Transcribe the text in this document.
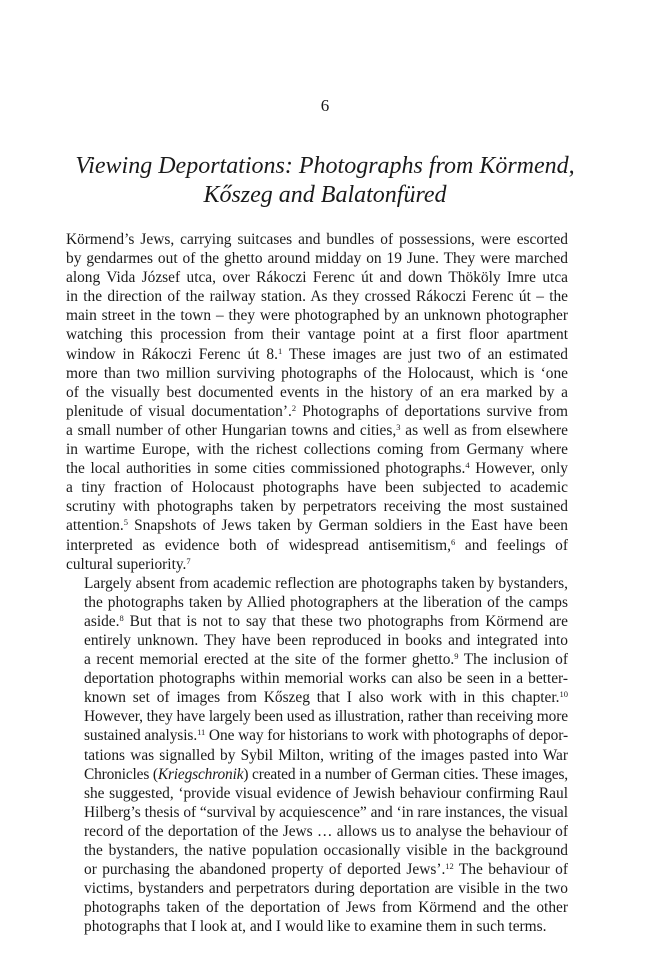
6
Viewing Deportations: Photographs from Körmend,
Kőszeg and Balatonfüred
Körmend’s Jews, carrying suitcases and bundles of possessions, were escorted
by gendarmes out of the ghetto around midday on 19 June. They were marched
along Vida József utca, over Rákoczi Ferenc út and down Thököly Imre utca
in the direction of the railway station. As they crossed Rákoczi Ferenc út – the
main street in the town – they were photographed by an unknown photographer
watching this procession from their vantage point at a first floor apartment
window in Rákoczi Ferenc út 8.$^1$ These images are just two of an estimated
more than two million surviving photographs of the Holocaust, which is ‘one
of the visually best documented events in the history of an era marked by a
plenitude of visual documentation’.$^2$ Photographs of deportations survive from
a small number of other Hungarian towns and cities,$^3$ as well as from elsewhere
in wartime Europe, with the richest collections coming from Germany where
the local authorities in some cities commissioned photographs.$^4$ However, only
a tiny fraction of Holocaust photographs have been subjected to academic
scrutiny with photographs taken by perpetrators receiving the most sustained
attention.$^5$ Snapshots of Jews taken by German soldiers in the East have been
interpreted as evidence both of widespread antisemitism,$^6$ and feelings of
cultural superiority.$^7$
Largely absent from academic reflection are photographs taken by bystanders,
the photographs taken by Allied photographers at the liberation of the camps
aside.$^8$ But that is not to say that these two photographs from Körmend are
entirely unknown. They have been reproduced in books and integrated into
a recent memorial erected at the site of the former ghetto.$^9$ The inclusion of
deportation photographs within memorial works can also be seen in a better-
known set of images from Kőszeg that I also work with in this chapter.$^{10}$
However, they have largely been used as illustration, rather than receiving more
sustained analysis.$^{11}$ One way for historians to work with photographs of depor-
tations was signalled by Sybil Milton, writing of the images pasted into War
Chronicles (Kriegschronik) created in a number of German cities. These images,
she suggested, ‘provide visual evidence of Jewish behaviour confirming Raul
Hilberg’s thesis of “survival by acquiescence” and ‘in rare instances, the visual
record of the deportation of the Jews … allows us to analyse the behaviour of
the bystanders, the native population occasionally visible in the background
or purchasing the abandoned property of deported Jews’.$^{12}$ The behaviour of
victims, bystanders and perpetrators during deportation are visible in the two
photographs taken of the deportation of Jews from Körmend and the other
photographs that I look at, and I would like to examine them in such terms.
